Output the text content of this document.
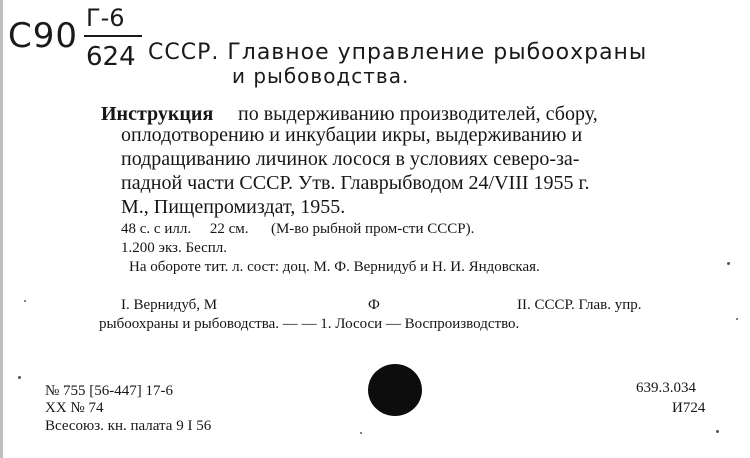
С90 Г-6
624 СССР. Главное управление рыбоохраны
и рыбоводства.
Инструкция по выдерживанию производителей, сбору,
оплодотворению и инкубации икры, выдерживанию и
подращиванию личинок лосося в условиях северо-за-
падной части СССР. Утв. Главрыбводом 24/VIII 1955 г.
М., Пищепромиздат, 1955.
48 с. с илл.     22 см.      (М-во рыбной пром-сти СССР).
1.200 экз. Беспл.
На обороте тит. л. сост: доц. М. Ф. Вернидуб и Н. И. Яндовская.
I. Вернидуб, М	Ф	II. СССР. Глав. упр.
рыбоохраны и рыбоводства. — — 1. Лососи — Воспроизводство.
№ 755 [56-447] 17-6
XX № 74
Всесоюз. кн. палата 9 I 56
639.3.034
И724
